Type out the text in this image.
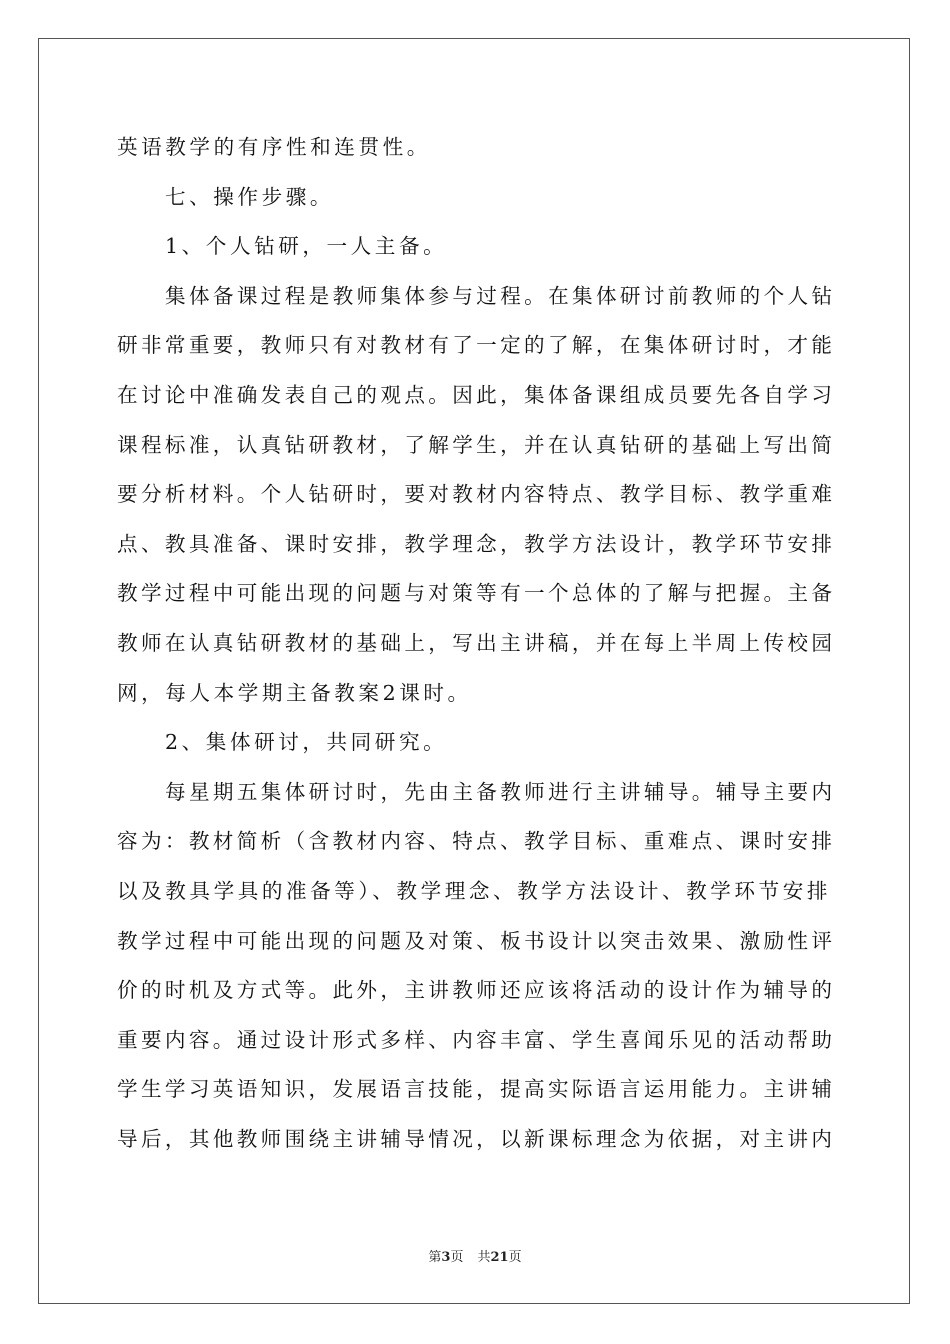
英语教学的有序性和连贯性。
七、操作步骤。
1、个人钻研，一人主备。
集体备课过程是教师集体参与过程。在集体研讨前教师的个人钻
研非常重要，教师只有对教材有了一定的了解，在集体研讨时，才能
在讨论中准确发表自己的观点。因此，集体备课组成员要先各自学习
课程标准，认真钻研教材，了解学生，并在认真钻研的基础上写出简
要分析材料。个人钻研时，要对教材内容特点、教学目标、教学重难
点、教具准备、课时安排，教学理念，教学方法设计，教学环节安排
教学过程中可能出现的问题与对策等有一个总体的了解与把握。主备
教师在认真钻研教材的基础上，写出主讲稿，并在每上半周上传校园
网，每人本学期主备教案2课时。
2、集体研讨，共同研究。
每星期五集体研讨时，先由主备教师进行主讲辅导。辅导主要内
容为：教材简析（含教材内容、特点、教学目标、重难点、课时安排
以及教具学具的准备等）、教学理念、教学方法设计、教学环节安排
教学过程中可能出现的问题及对策、板书设计以突击效果、激励性评
价的时机及方式等。此外，主讲教师还应该将活动的设计作为辅导的
重要内容。通过设计形式多样、内容丰富、学生喜闻乐见的活动帮助
学生学习英语知识，发展语言技能，提高实际语言运用能力。主讲辅
导后，其他教师围绕主讲辅导情况，以新课标理念为依据，对主讲内
第3页 共21页
